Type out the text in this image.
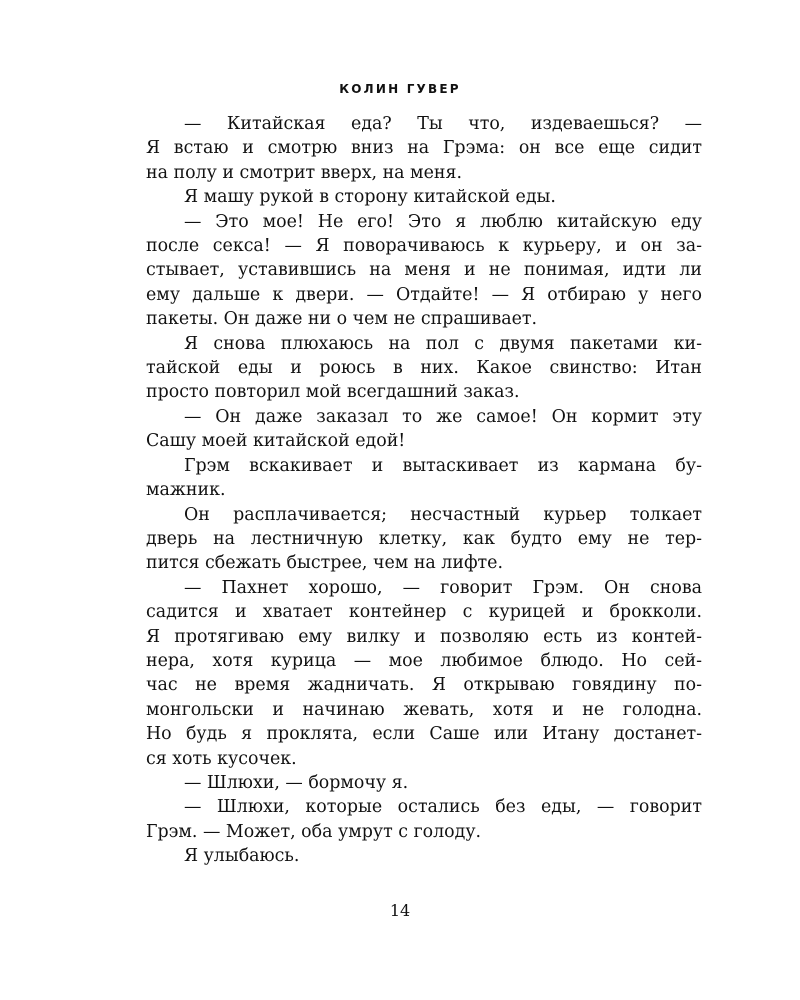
КОЛИН ГУВЕР
— Китайская еда? Ты что, издеваешься? —
Я встаю и смотрю вниз на Грэма: он все еще сидит
на полу и смотрит вверх, на меня.
Я машу рукой в сторону китайской еды.
— Это мое! Не его! Это я люблю китайскую еду
после секса! — Я поворачиваюсь к курьеру, и он за-
стывает, уставившись на меня и не понимая, идти ли
ему дальше к двери. — Отдайте! — Я отбираю у него
пакеты. Он даже ни о чем не спрашивает.
Я снова плюхаюсь на пол с двумя пакетами ки-
тайской еды и роюсь в них. Какое свинство: Итан
просто повторил мой всегдашний заказ.
— Он даже заказал то же самое! Он кормит эту
Сашу моей китайской едой!
Грэм вскакивает и вытаскивает из кармана бу-
мажник.
Он расплачивается; несчастный курьер толкает
дверь на лестничную клетку, как будто ему не тер-
пится сбежать быстрее, чем на лифте.
— Пахнет хорошо, — говорит Грэм. Он снова
садится и хватает контейнер с курицей и брокколи.
Я протягиваю ему вилку и позволяю есть из контей-
нера, хотя курица — мое любимое блюдо. Но сей-
час не время жадничать. Я открываю говядину по-
монгольски и начинаю жевать, хотя и не голодна.
Но будь я проклята, если Саше или Итану достанет-
ся хоть кусочек.
— Шлюхи, — бормочу я.
— Шлюхи, которые остались без еды, — говорит
Грэм. — Может, оба умрут с голоду.
Я улыбаюсь.
14
